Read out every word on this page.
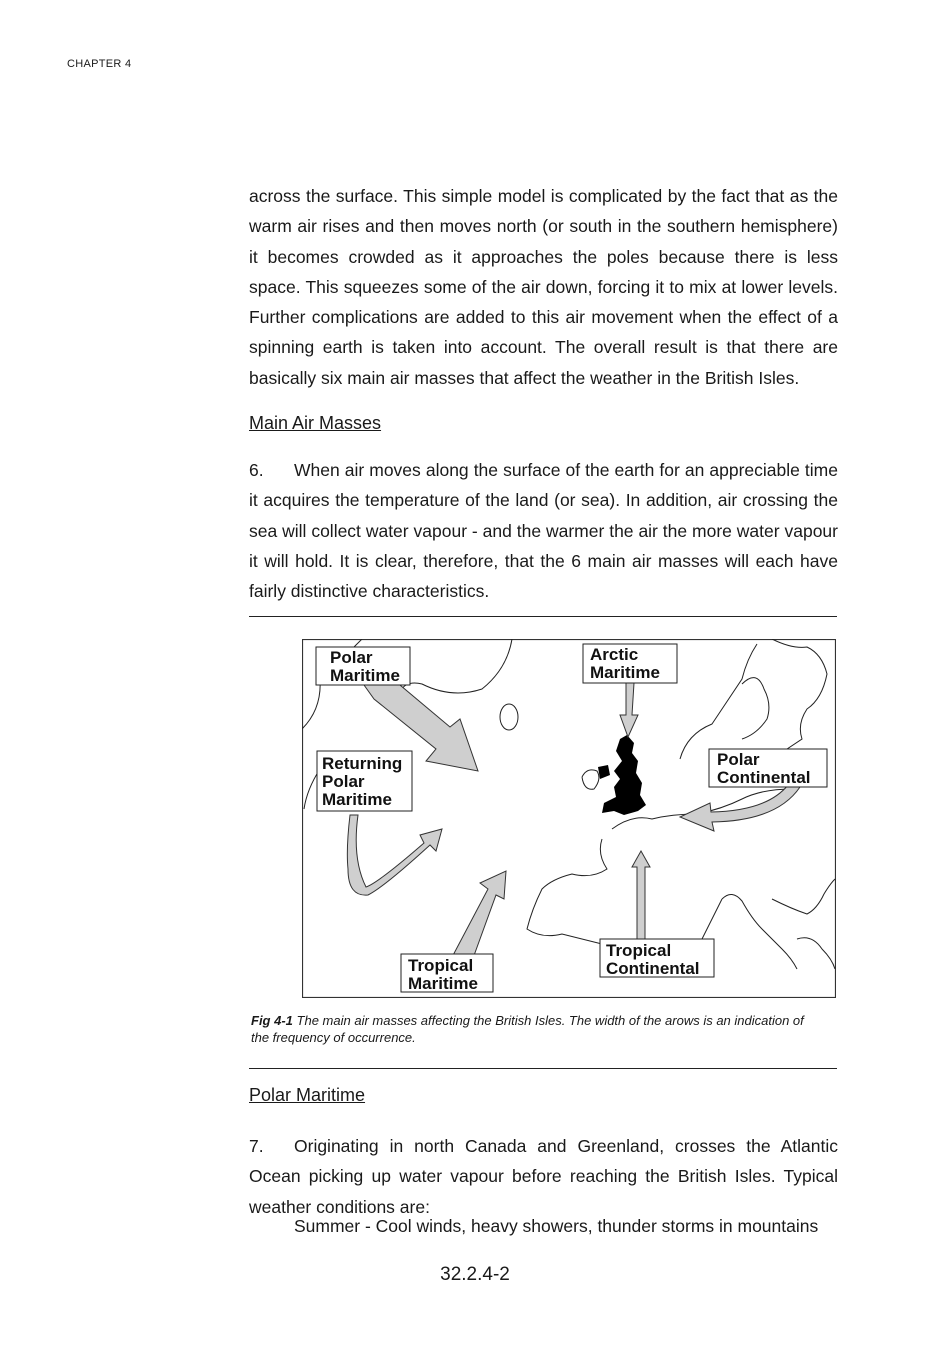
CHAPTER 4

across the surface. This simple model is complicated by the fact that as the warm air rises and then moves north (or south in the southern hemisphere) it becomes crowded as it approaches the poles because there is less space. This squeezes some of the air down, forcing it to mix at lower levels. Further complications are added to this air movement when the effect of a spinning earth is taken into account. The overall result is that there are basically six main air masses that affect the weather in the British Isles.

Main Air Masses

6. When air moves along the surface of the earth for an appreciable time it acquires the temperature of the land (or sea). In addition, air crossing the sea will collect water vapour - and the warmer the air the more water vapour it will hold. It is clear, therefore, that the 6 main air masses will each have fairly distinctive characteristics.

Polar
Maritime
Arctic
Maritime
Returning
Polar
Maritime
Polar
Continental
Tropical
Maritime
Tropical
Continental
Fig 4-1 The main air masses affecting the British Isles. The width of the arows is an indication of the frequency of occurrence.
Polar Maritime

7. Originating in north Canada and Greenland, crosses the Atlantic Ocean picking up water vapour before reaching the British Isles. Typical weather conditions are:

Summer - Cool winds, heavy showers, thunder storms in mountains
32.2.4-2
